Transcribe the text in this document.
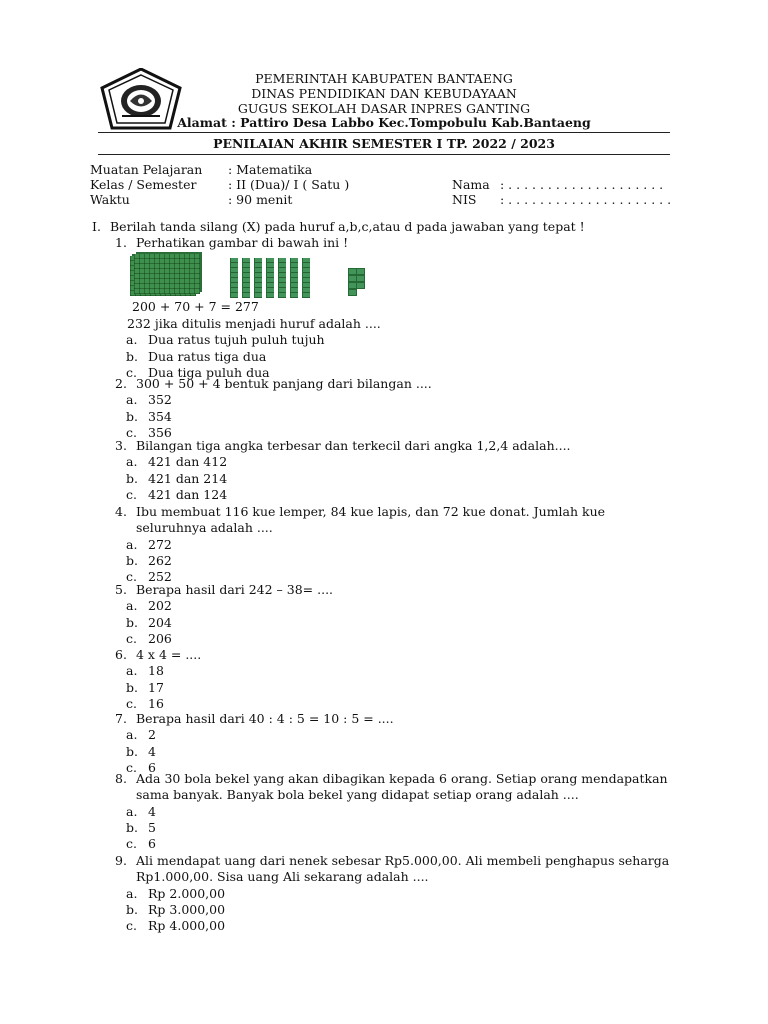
PEMERINTAH KABUPATEN BANTAENG
DINAS PENDIDIKAN DAN KEBUDAYAAN
GUGUS SEKOLAH DASAR INPRES GANTING
Alamat : Pattiro Desa Labbo Kec.Tompobulu Kab.Bantaeng
PENILAIAN AKHIR SEMESTER I TP. 2022 / 2023
Muatan Pelajaran : Matematika
Kelas / Semester	: II (Dua)/ I ( Satu )
Waktu	: 90 menit
Nama : . . . . . . . . . . . . . . . . . . . .
NIS : . . . . . . . . . . . . . . . . . . . . .
I. Berilah tanda silang (X) pada huruf a,b,c,atau d pada jawaban yang tepat !
1. Perhatikan gambar di bawah ini !
232 jika ditulis menjadi huruf adalah ....
a. Dua ratus tujuh puluh tujuh
b. Dua ratus tiga dua
c. Dua tiga puluh dua
2. 300 + 50 + 4 bentuk panjang dari bilangan ....
a. 352
b. 354
c. 356
3. Bilangan tiga angka terbesar dan terkecil dari angka 1,2,4 adalah....
a. 421 dan 412
b. 421 dan 214
c. 421 dan 124
4. Ibu membuat 116 kue lemper, 84 kue lapis, dan 72 kue donat. Jumlah kue
seluruhnya adalah ....
a. 272
b. 262
c. 252
5. Berapa hasil dari 242 – 38= ....
a. 202
b. 204
c. 206
6. 4 x 4 = ....
a. 18
b. 17
c. 16
7. Berapa hasil dari 40 : 4 : 5 = 10 : 5 = ....
a. 2
b. 4
c. 6
8. Ada 30 bola bekel yang akan dibagikan kepada 6 orang. Setiap orang mendapatkan
sama banyak. Banyak bola bekel yang didapat setiap orang adalah ....
a. 4
b. 5
c. 6
9. Ali mendapat uang dari nenek sebesar Rp5.000,00. Ali membeli penghapus seharga
Rp1.000,00. Sisa uang Ali sekarang adalah ....
a. Rp 2.000,00
b. Rp 3.000,00
c. Rp 4.000,00
200 + 70 + 7 = 277
